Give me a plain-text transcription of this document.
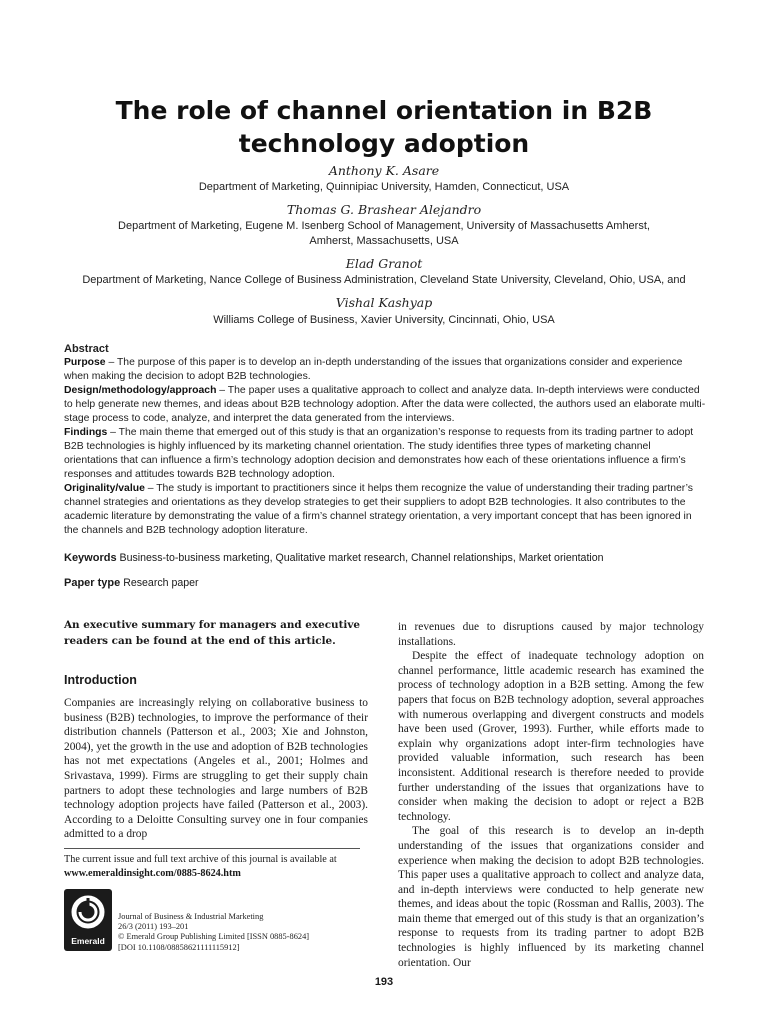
The role of channel orientation in B2B
technology adoption
Anthony K. Asare
Department of Marketing, Quinnipiac University, Hamden, Connecticut, USA
Thomas G. Brashear Alejandro
Department of Marketing, Eugene M. Isenberg School of Management, University of Massachusetts Amherst,
Amherst, Massachusetts, USA
Elad Granot
Department of Marketing, Nance College of Business Administration, Cleveland State University, Cleveland, Ohio, USA, and
Vishal Kashyap
Williams College of Business, Xavier University, Cincinnati, Ohio, USA
Abstract

Purpose – The purpose of this paper is to develop an in-depth understanding of the issues that organizations consider and experience when making the decision to adopt B2B technologies.

Design/methodology/approach – The paper uses a qualitative approach to collect and analyze data. In-depth interviews were conducted to help generate new themes, and ideas about B2B technology adoption. After the data were collected, the authors used an elaborate multi-stage process to code, analyze, and interpret the data generated from the interviews.

Findings – The main theme that emerged out of this study is that an organization’s response to requests from its trading partner to adopt B2B technologies is highly influenced by its marketing channel orientation. The study identifies three types of marketing channel orientations that can influence a firm’s technology adoption decision and demonstrates how each of these orientations influence a firm’s responses and attitudes towards B2B technology adoption.

Originality/value – The study is important to practitioners since it helps them recognize the value of understanding their trading partner’s channel strategies and orientations as they develop strategies to get their suppliers to adopt B2B technologies. It also contributes to the academic literature by demonstrating the value of a firm’s channel strategy orientation, a very important concept that has been ignored in the channels and B2B technology adoption literature.

Keywords Business-to-business marketing, Qualitative market research, Channel relationships, Market orientation
Paper type Research paper
An executive summary for managers and executive readers can be found at the end of this article.
Introduction

Companies are increasingly relying on collaborative business to business (B2B) technologies, to improve the performance of their distribution channels (Patterson et al., 2003; Xie and Johnston, 2004), yet the growth in the use and adoption of B2B technologies has not met expectations (Angeles et al., 2001; Holmes and Srivastava, 1999). Firms are struggling to get their supply chain partners to adopt these technologies and large numbers of B2B technology adoption projects have failed (Patterson et al., 2003). According to a Deloitte Consulting survey one in four companies admitted to a drop

in revenues due to disruptions caused by major technology installations.

Despite the effect of inadequate technology adoption on channel performance, little academic research has examined the process of technology adoption in a B2B setting. Among the few papers that focus on B2B technology adoption, several approaches with numerous overlapping and divergent constructs and models have been used (Grover, 1993). Further, while efforts made to explain why organizations adopt inter-firm technologies have provided valuable information, such research has been inconsistent. Additional research is therefore needed to provide further understanding of the issues that organizations have to consider when making the decision to adopt or reject a B2B technology.

The goal of this research is to develop an in-depth understanding of the issues that organizations consider and experience when making the decision to adopt B2B technologies. This paper uses a qualitative approach to collect and analyze data, and in-depth interviews were conducted to help generate new themes, and ideas about the topic (Rossman and Rallis, 2003). The main theme that emerged out of this study is that an organization’s response to requests from its trading partner to adopt B2B technologies is highly influenced by its marketing channel orientation. Our

The current issue and full text archive of this journal is available at
www.emeraldinsight.com/0885-8624.htm
Emerald
Journal of Business & Industrial Marketing
26/3 (2011) 193–201
© Emerald Group Publishing Limited [ISSN 0885-8624]
[DOI 10.1108/08858621111115912]
193
